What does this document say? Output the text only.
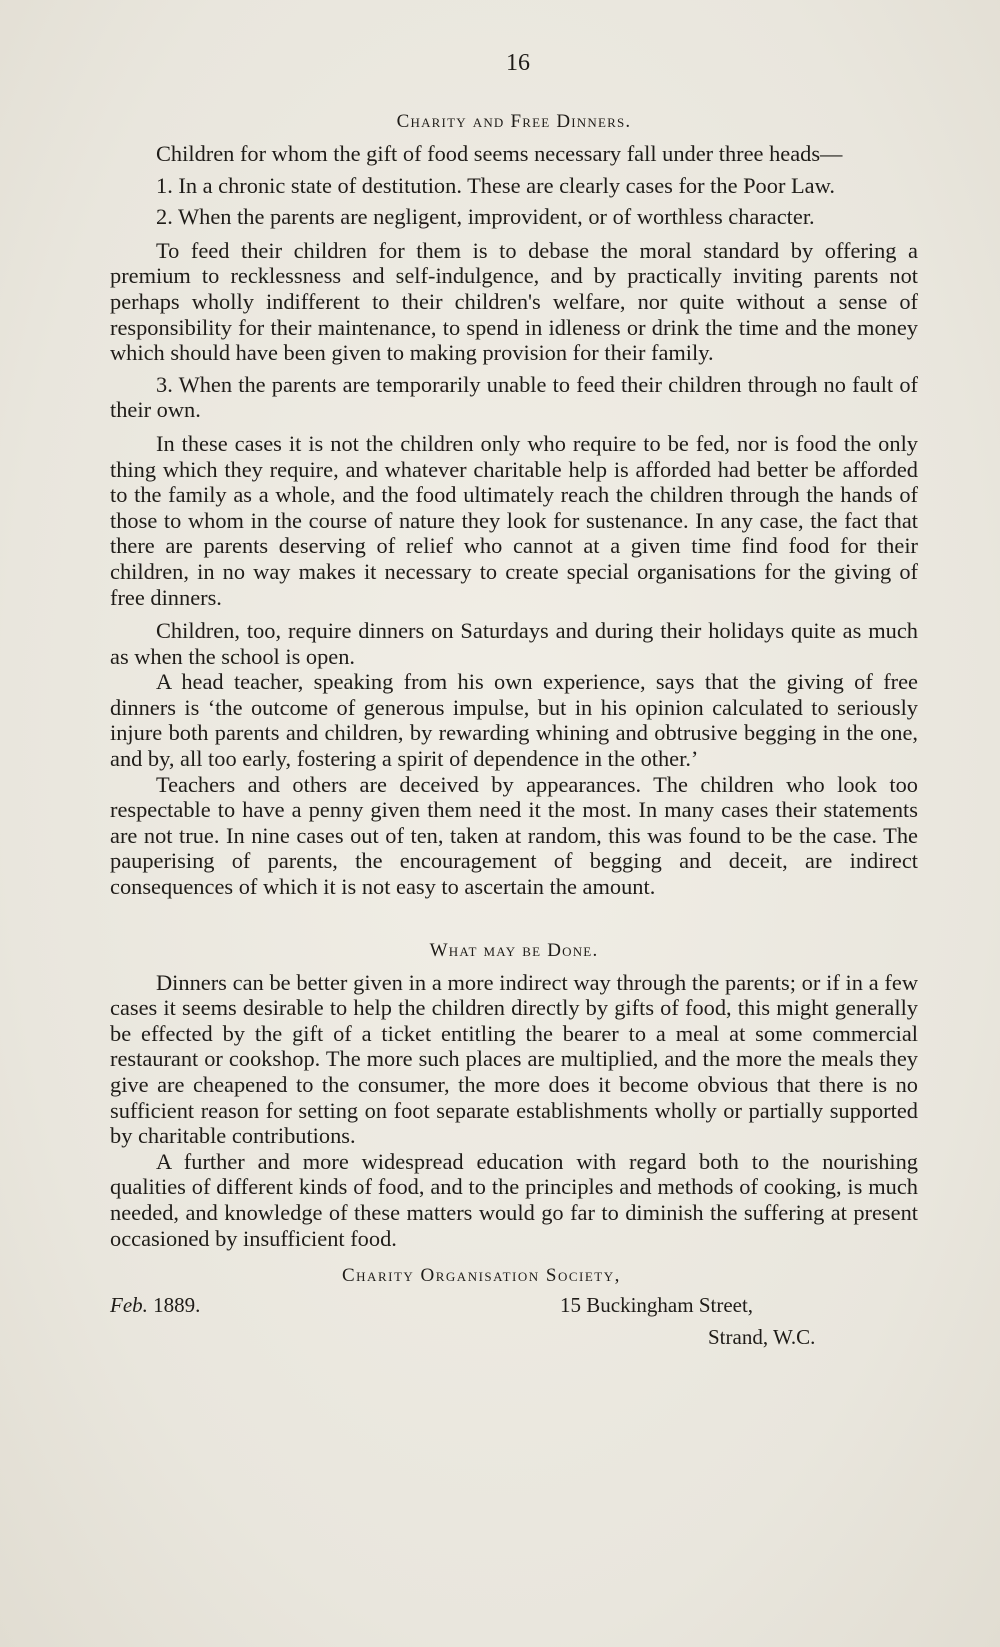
16
Charity and Free Dinners.

Children for whom the gift of food seems necessary fall under three heads—

1. In a chronic state of destitution. These are clearly cases for the Poor Law.

2. When the parents are negligent, improvident, or of worthless character.

To feed their children for them is to debase the moral standard by offering a premium to recklessness and self-indulgence, and by practically inviting parents not perhaps wholly indifferent to their children's welfare, nor quite without a sense of responsibility for their maintenance, to spend in idleness or drink the time and the money which should have been given to making provision for their family.

3. When the parents are temporarily unable to feed their children through no fault of their own.

In these cases it is not the children only who require to be fed, nor is food the only thing which they require, and whatever charitable help is afforded had better be afforded to the family as a whole, and the food ultimately reach the children through the hands of those to whom in the course of nature they look for sustenance. In any case, the fact that there are parents deserving of relief who cannot at a given time find food for their children, in no way makes it necessary to create special organisations for the giving of free dinners.

Children, too, require dinners on Saturdays and during their holidays quite as much as when the school is open.

A head teacher, speaking from his own experience, says that the giving of free dinners is ‘the outcome of generous impulse, but in his opinion calculated to seriously injure both parents and children, by rewarding whining and obtrusive begging in the one, and by, all too early, fostering a spirit of dependence in the other.’

Teachers and others are deceived by appearances. The children who look too respectable to have a penny given them need it the most. In many cases their statements are not true. In nine cases out of ten, taken at random, this was found to be the case. The pauperising of parents, the encouragement of begging and deceit, are indirect consequences of which it is not easy to ascertain the amount.

What may be Done.

Dinners can be better given in a more indirect way through the parents; or if in a few cases it seems desirable to help the children directly by gifts of food, this might generally be effected by the gift of a ticket entitling the bearer to a meal at some commercial restaurant or cookshop. The more such places are multiplied, and the more the meals they give are cheapened to the consumer, the more does it become obvious that there is no sufficient reason for setting on foot separate establishments wholly or partially supported by charitable contributions.

A further and more widespread education with regard both to the nourishing qualities of different kinds of food, and to the principles and methods of cooking, is much needed, and knowledge of these matters would go far to diminish the suffering at present occasioned by insufficient food.

Charity Organisation Society,
Feb. 1889.	15 Buckingham Street,
Strand, W.C.
